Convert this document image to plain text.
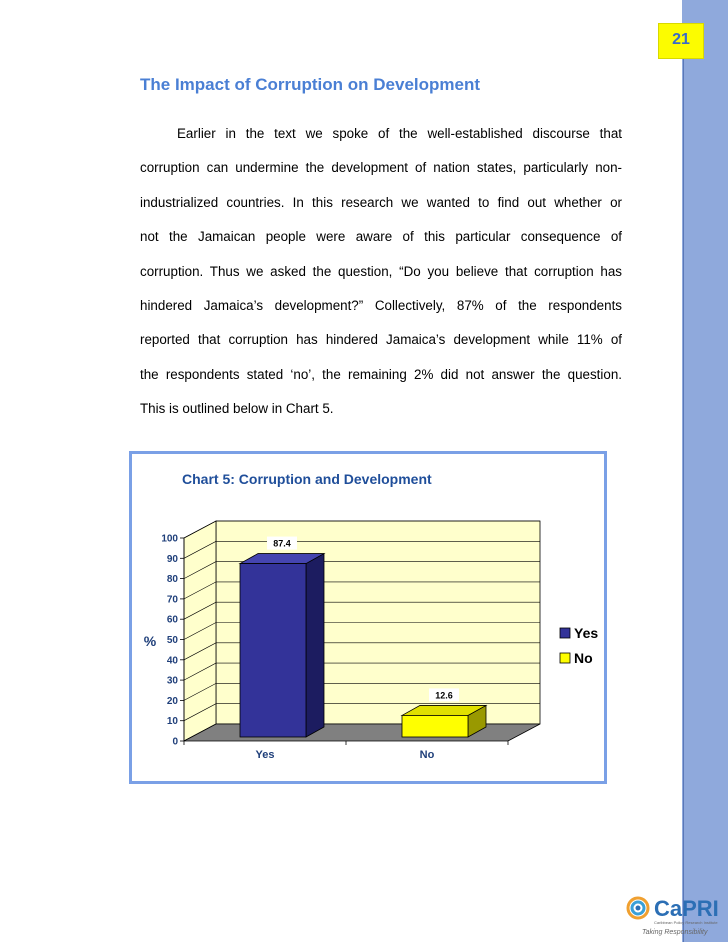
21
The Impact of Corruption on Development
Earlier in the text we spoke of the well-established discourse that
corruption can undermine the development of nation states, particularly non-
industrialized countries. In this research we wanted to find out whether or
not the Jamaican people were aware of this particular consequence of
corruption. Thus we asked the question, “Do you believe that corruption has
hindered Jamaica’s development?” Collectively, 87% of the respondents
reported that corruption has hindered Jamaica’s development while 11% of
the respondents stated ‘no’, the remaining 2% did not answer the question.
This is outlined below in Chart 5.
Chart 5: Corruption and Development
0
10
20
30
40
50
60
70
80
90
100	87.4
Yes
12.6
No
%	Yes
No
CaPRI
Caribbean Policy Research Institute
Taking Responsibility
